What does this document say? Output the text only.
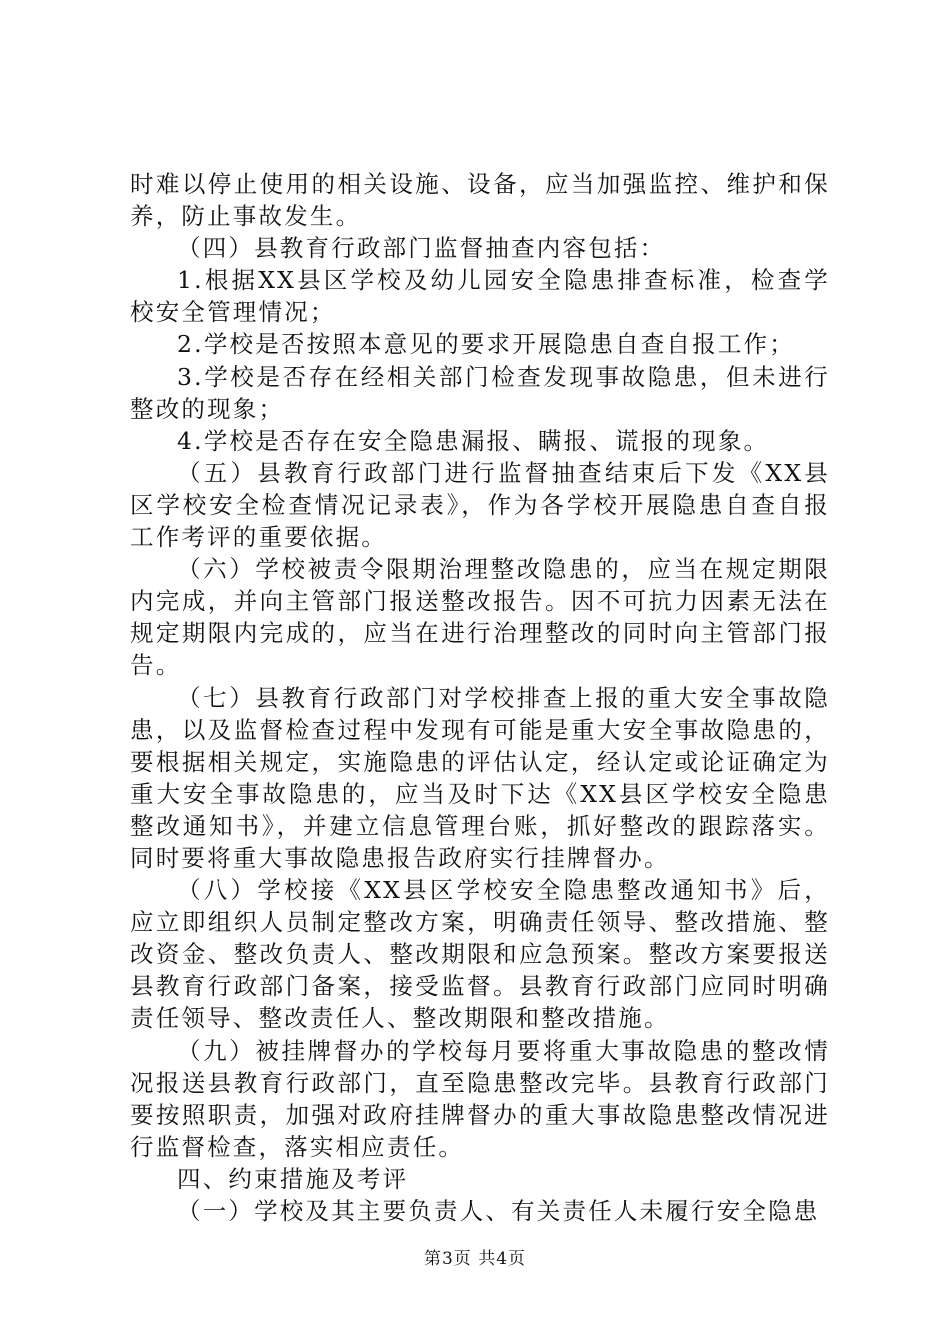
时难以停止使用的相关设施、设备，应当加强监控、维护和保养，防止事故发生。

（四）县教育行政部门监督抽查内容包括：

1.根据XX县区学校及幼儿园安全隐患排查标准，检查学校安全管理情况；

2.学校是否按照本意见的要求开展隐患自查自报工作；

3.学校是否存在经相关部门检查发现事故隐患，但未进行整改的现象；

4.学校是否存在安全隐患漏报、瞒报、谎报的现象。

（五）县教育行政部门进行监督抽查结束后下发《XX县区学校安全检查情况记录表》，作为各学校开展隐患自查自报工作考评的重要依据。

（六）学校被责令限期治理整改隐患的，应当在规定期限内完成，并向主管部门报送整改报告。因不可抗力因素无法在规定期限内完成的，应当在进行治理整改的同时向主管部门报告。

（七）县教育行政部门对学校排查上报的重大安全事故隐患，以及监督检查过程中发现有可能是重大安全事故隐患的，要根据相关规定，实施隐患的评估认定，经认定或论证确定为重大安全事故隐患的，应当及时下达《XX县区学校安全隐患整改通知书》，并建立信息管理台账，抓好整改的跟踪落实。同时要将重大事故隐患报告政府实行挂牌督办。

（八）学校接《XX县区学校安全隐患整改通知书》后，应立即组织人员制定整改方案，明确责任领导、整改措施、整改资金、整改负责人、整改期限和应急预案。整改方案要报送县教育行政部门备案，接受监督。县教育行政部门应同时明确责任领导、整改责任人、整改期限和整改措施。

（九）被挂牌督办的学校每月要将重大事故隐患的整改情况报送县教育行政部门，直至隐患整改完毕。县教育行政部门要按照职责，加强对政府挂牌督办的重大事故隐患整改情况进行监督检查，落实相应责任。

四、约束措施及考评

（一）学校及其主要负责人、有关责任人未履行安全隐患

第3页 共4页
